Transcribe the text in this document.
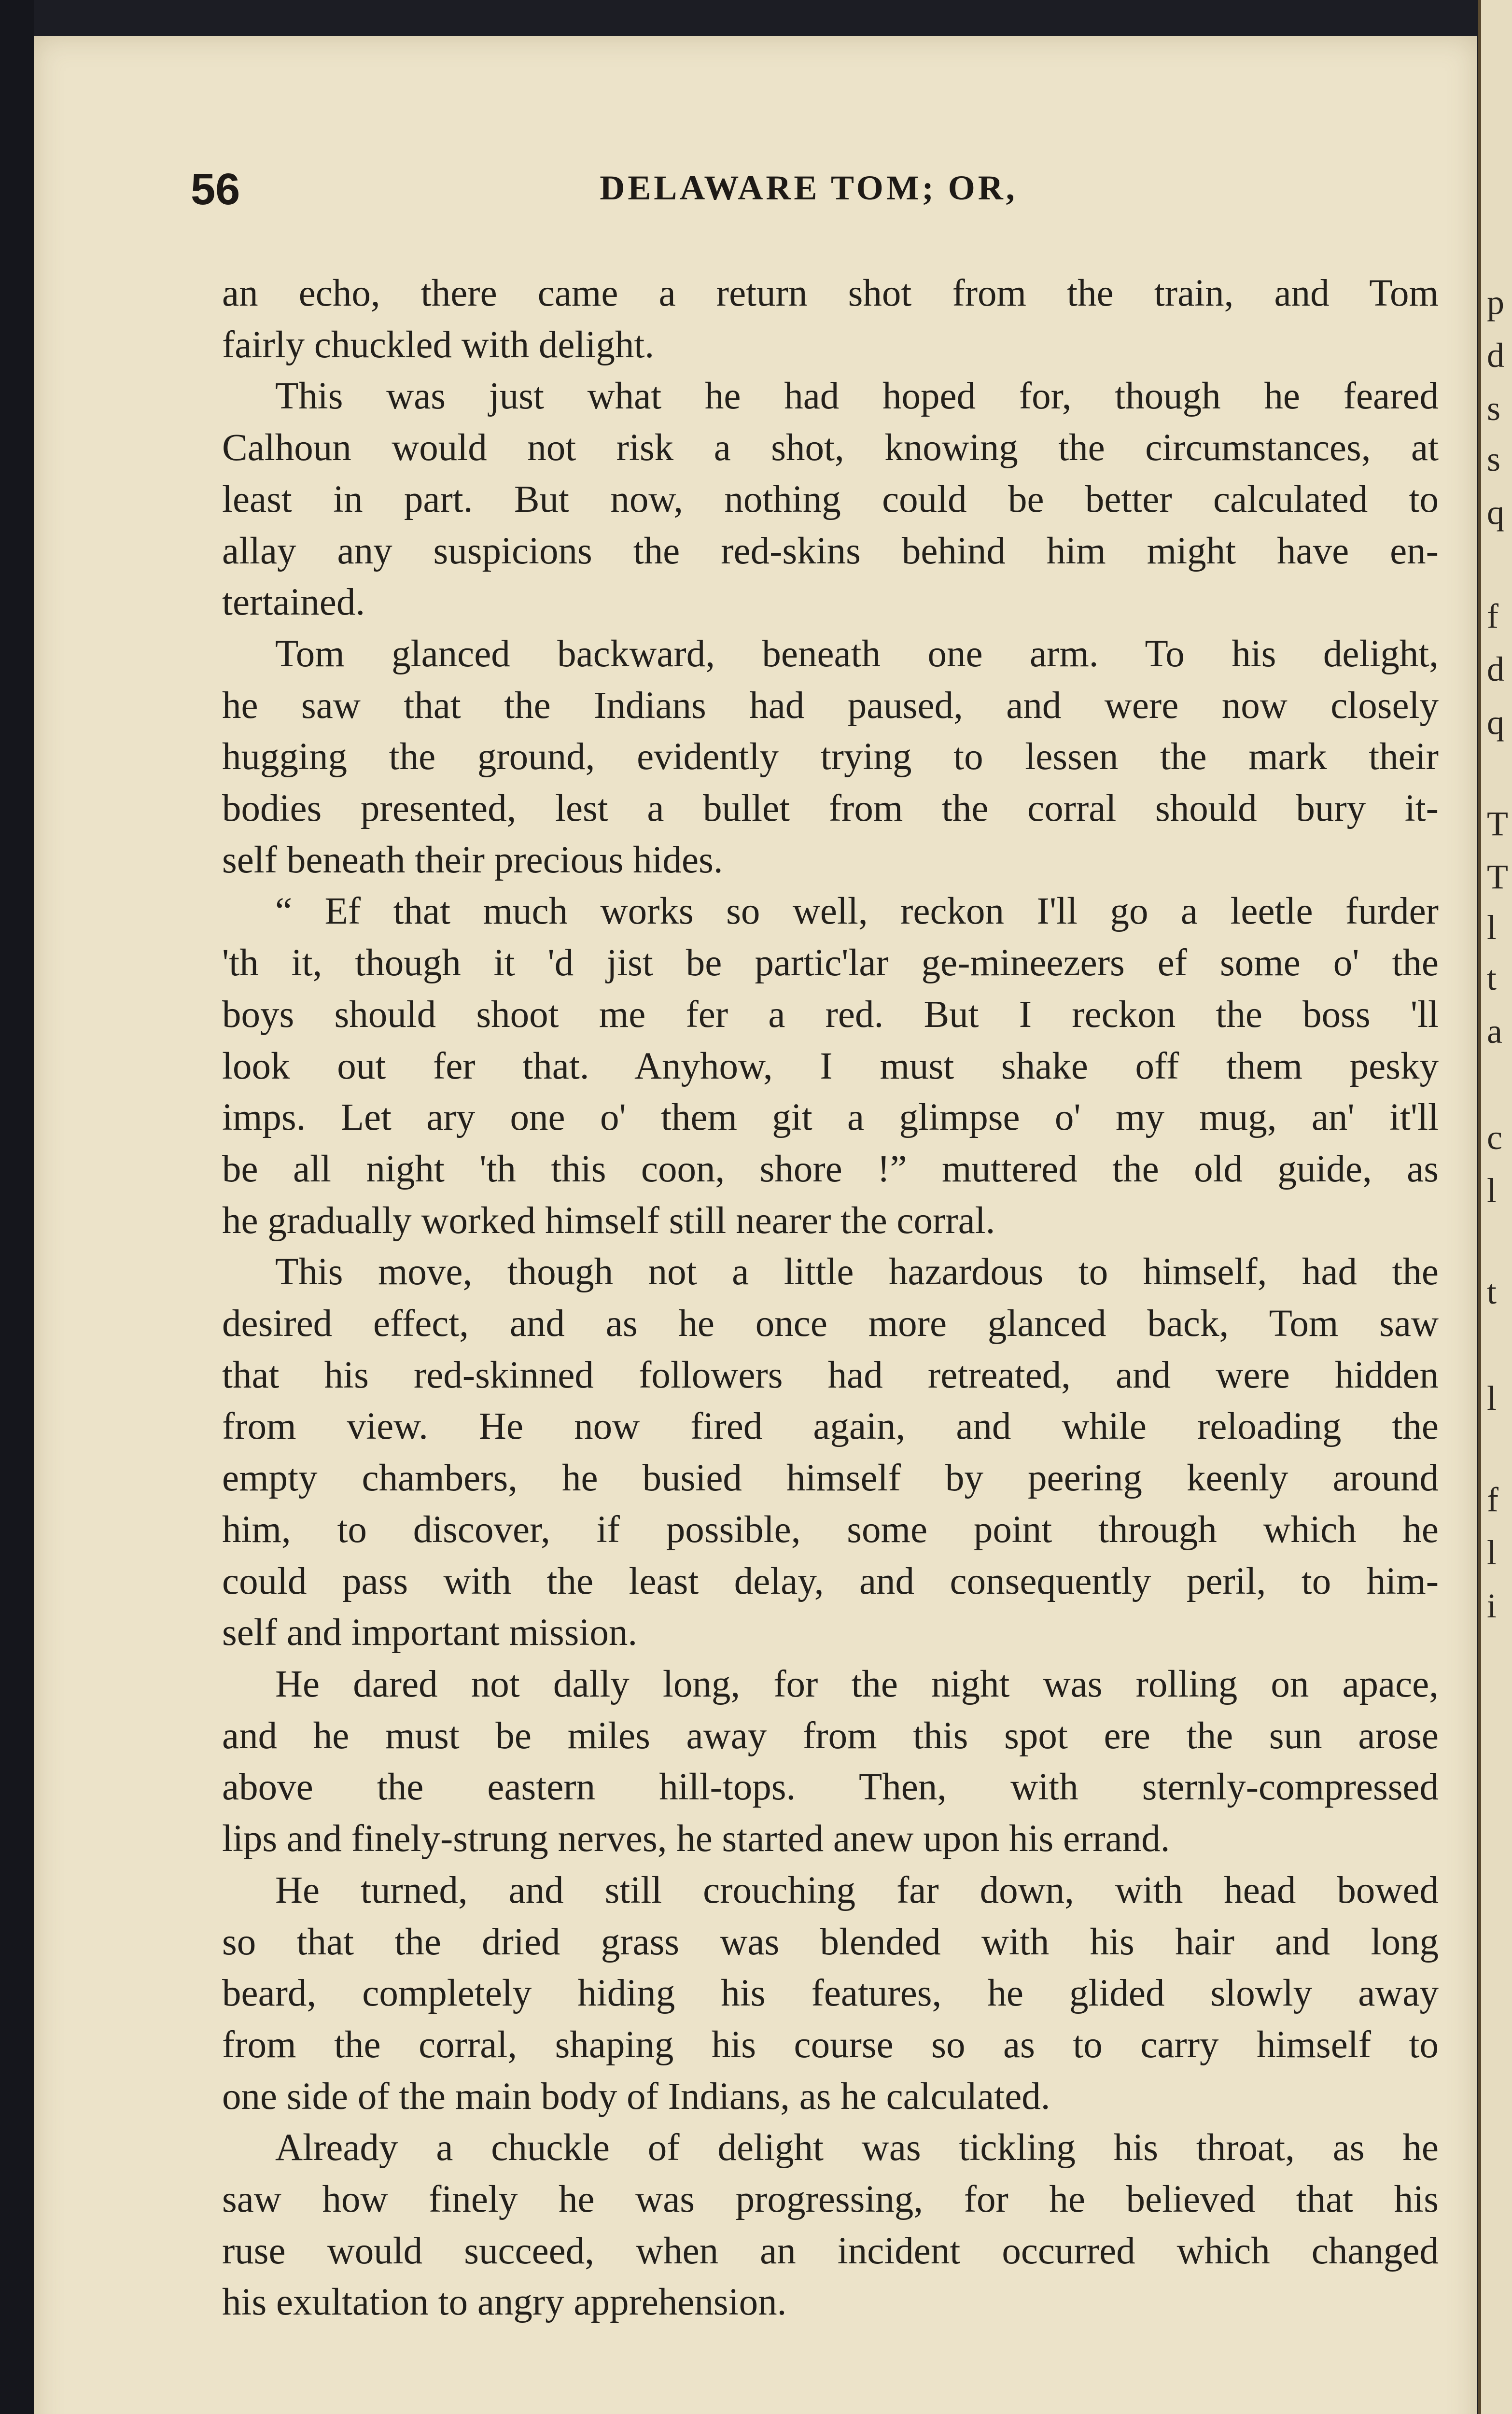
p
d
s
s
q
f
d
q
T
T
l
t
a
c
l
t
l
f
l
i
56	DELAWARE TOM; OR,

an echo, there came a return shot from the train, and Tom

fairly chuckled with delight.

This was just what he had hoped for, though he feared

Calhoun would not risk a shot, knowing the circumstances, at

least in part. But now, nothing could be better calculated to

allay any suspicions the red-skins behind him might have en-

tertained.

Tom glanced backward, beneath one arm. To his delight,

he saw that the Indians had paused, and were now closely

hugging the ground, evidently trying to lessen the mark their

bodies presented, lest a bullet from the corral should bury it-

self beneath their precious hides.

“ Ef that much works so well, reckon I'll go a leetle furder

'th it, though it 'd jist be partic'lar ge-mineezers ef some o' the

boys should shoot me fer a red. But I reckon the boss 'll

look out fer that. Anyhow, I must shake off them pesky

imps. Let ary one o' them git a glimpse o' my mug, an' it'll

be all night 'th this coon, shore !” muttered the old guide, as

he gradually worked himself still nearer the corral.

This move, though not a little hazardous to himself, had the

desired effect, and as he once more glanced back, Tom saw

that his red-skinned followers had retreated, and were hidden

from view. He now fired again, and while reloading the

empty chambers, he busied himself by peering keenly around

him, to discover, if possible, some point through which he

could pass with the least delay, and consequently peril, to him-

self and important mission.

He dared not dally long, for the night was rolling on apace,

and he must be miles away from this spot ere the sun arose

above the eastern hill-tops. Then, with sternly-compressed

lips and finely-strung nerves, he started anew upon his errand.

He turned, and still crouching far down, with head bowed

so that the dried grass was blended with his hair and long

beard, completely hiding his features, he glided slowly away

from the corral, shaping his course so as to carry himself to

one side of the main body of Indians, as he calculated.

Already a chuckle of delight was tickling his throat, as he

saw how finely he was progressing, for he believed that his

ruse would succeed, when an incident occurred which changed

his exultation to angry apprehension.
